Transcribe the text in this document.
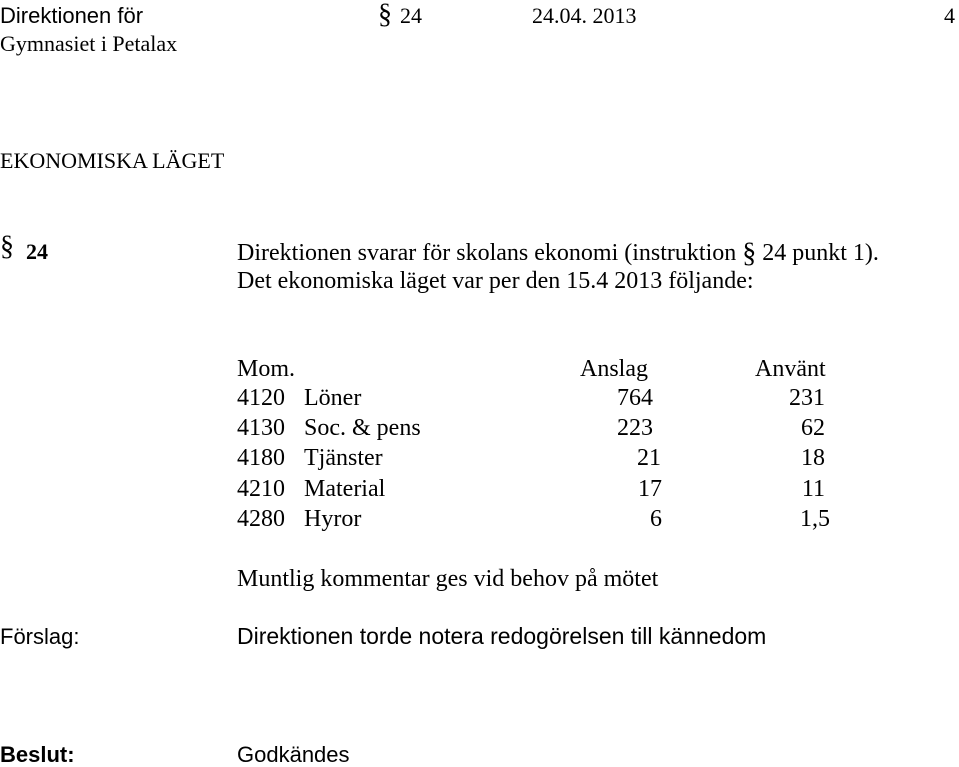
Direktionen för
Gymnasiet i Petalax
§ 24	24.04. 2013	4
EKONOMISKA LÄGET
§ 24	Direktionen svarar för skolans ekonomi (instruktion § 24 punkt 1).
Det ekonomiska läget var per den 15.4 2013 följande:
Mom.	Anslag	Använt
4120 Löner	764	231
4130 Soc. & pens	223	62
4180 Tjänster	21	18
4210 Material	17	11
4280 Hyror	6	1,5
Muntlig kommentar ges vid behov på mötet
Förslag:	Direktionen torde notera redogörelsen till kännedom
Beslut:	Godkändes
